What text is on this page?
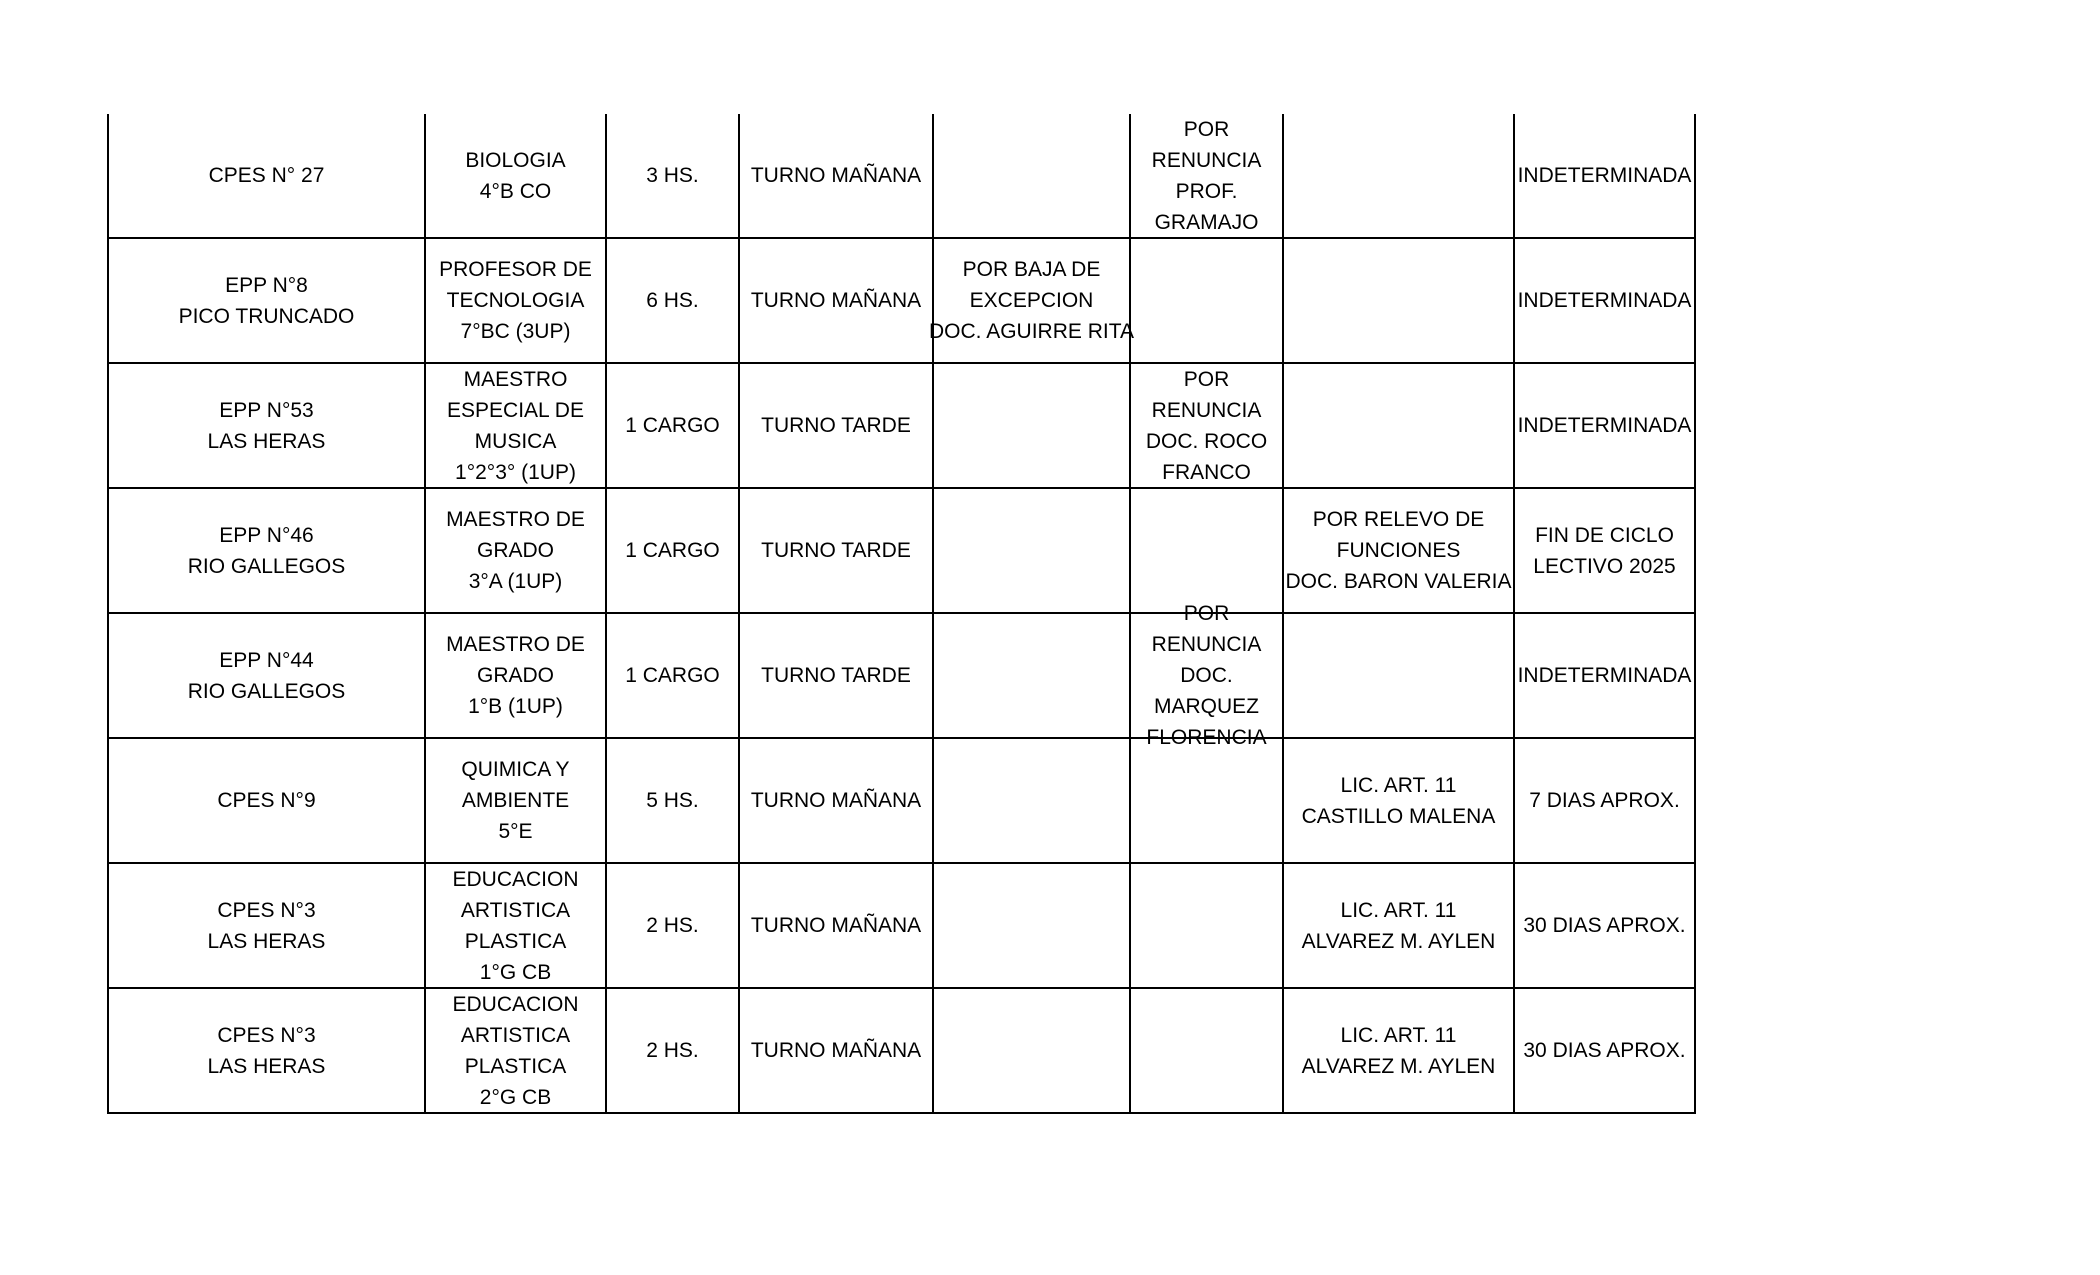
CPES N° 27	BIOLOGIA
4°B CO	3 HS.	TURNO MAÑANA		POR
RENUNCIA
PROF.
GRAMAJO		INDETERMINADA

EPP N°8
PICO TRUNCADO	PROFESOR DE
TECNOLOGIA
7°BC (3UP)	6 HS.	TURNO MAÑANA	POR BAJA DE
EXCEPCION
DOC. AGUIRRE RITA			INDETERMINADA

EPP N°53
LAS HERAS	MAESTRO
ESPECIAL DE
MUSICA
1°2°3° (1UP)	1 CARGO	TURNO TARDE		POR
RENUNCIA
DOC. ROCO
FRANCO		INDETERMINADA

EPP N°46
RIO GALLEGOS	MAESTRO DE
GRADO
3°A (1UP)	1 CARGO	TURNO TARDE			POR RELEVO DE
FUNCIONES
DOC. BARON VALERIA	FIN DE CICLO
LECTIVO 2025

EPP N°44
RIO GALLEGOS	MAESTRO DE
GRADO
1°B (1UP)	1 CARGO	TURNO TARDE		POR
RENUNCIA
DOC.
MARQUEZ
FLORENCIA		INDETERMINADA

CPES N°9	QUIMICA Y
AMBIENTE
5°E	5 HS.	TURNO MAÑANA			LIC. ART. 11
CASTILLO MALENA	7 DIAS APROX.

CPES N°3
LAS HERAS	EDUCACION
ARTISTICA
PLASTICA
1°G CB	2 HS.	TURNO MAÑANA			LIC. ART. 11
ALVAREZ M. AYLEN	30 DIAS APROX.

CPES N°3
LAS HERAS	EDUCACION
ARTISTICA
PLASTICA
2°G CB	2 HS.	TURNO MAÑANA			LIC. ART. 11
ALVAREZ M. AYLEN	30 DIAS APROX.
